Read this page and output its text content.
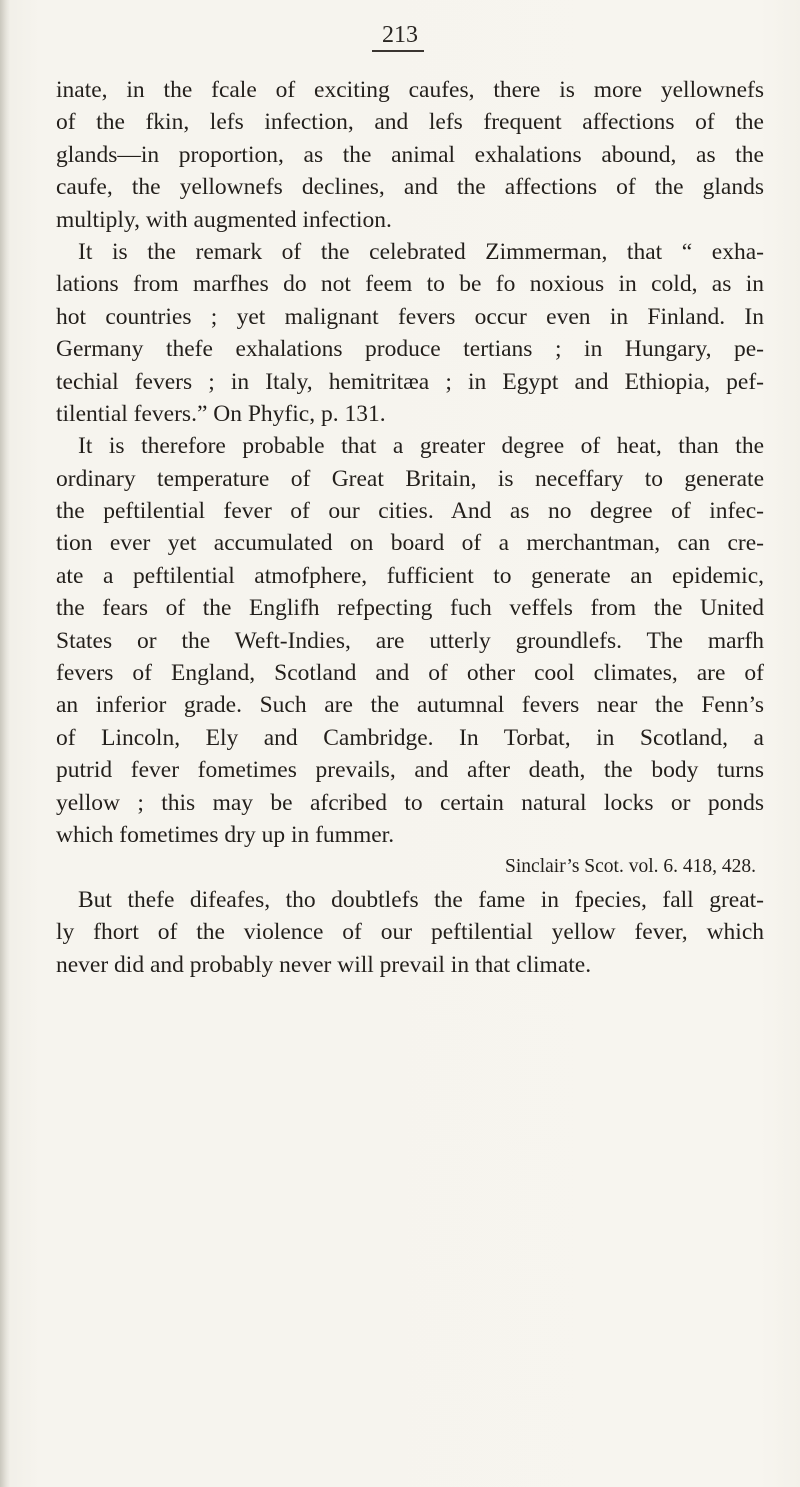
213
inate, in the fcale of exciting caufes, there is more yellownefs
of the fkin, lefs infection, and lefs frequent affections of the
glands—in proportion, as the animal exhalations abound, as the
caufe, the yellownefs declines, and the affections of the glands
multiply, with augmented infection.
It is the remark of the celebrated Zimmerman, that “ exha-
lations from marfhes do not feem to be fo noxious in cold, as in
hot countries ; yet malignant fevers occur even in Finland. In
Germany thefe exhalations produce tertians ; in Hungary, pe-
techial fevers ; in Italy, hemitritæa ; in Egypt and Ethiopia, pef-
tilential fevers.” On Phyfic, p. 131.
It is therefore probable that a greater degree of heat, than the
ordinary temperature of Great Britain, is neceffary to generate
the peftilential fever of our cities. And as no degree of infec-
tion ever yet accumulated on board of a merchantman, can cre-
ate a peftilential atmofphere, fufficient to generate an epidemic,
the fears of the Englifh refpecting fuch veffels from the United
States or the Weft-Indies, are utterly groundlefs. The marfh
fevers of England, Scotland and of other cool climates, are of
an inferior grade. Such are the autumnal fevers near the Fenn’s
of Lincoln, Ely and Cambridge. In Torbat, in Scotland, a
putrid fever fometimes prevails, and after death, the body turns
yellow ; this may be afcribed to certain natural locks or ponds
which fometimes dry up in fummer.
Sinclair’s Scot. vol. 6. 418, 428.
But thefe difeafes, tho doubtlefs the fame in fpecies, fall great-
ly fhort of the violence of our peftilential yellow fever, which
never did and probably never will prevail in that climate.
